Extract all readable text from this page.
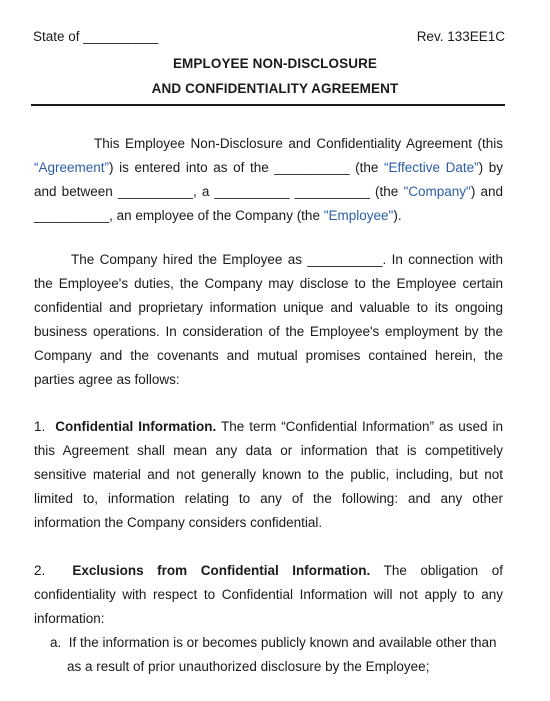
State of __________	Rev. 133EE1C
EMPLOYEE NON-DISCLOSURE
AND CONFIDENTIALITY AGREEMENT

This Employee Non-Disclosure and Confidentiality Agreement (this “Agreement”) is entered into as of the __________ (the “Effective Date”) by and between __________, a __________ __________ (the "Company") and __________, an employee of the Company (the "Employee").

The Company hired the Employee as __________. In connection with the Employee's duties, the Company may disclose to the Employee certain confidential and proprietary information unique and valuable to its ongoing business operations. In consideration of the Employee's employment by the Company and the covenants and mutual promises contained herein, the parties agree as follows:

1. Confidential Information. The term “Confidential Information” as used in this Agreement shall mean any data or information that is competitively sensitive material and not generally known to the public, including, but not limited to, information relating to any of the following: and any other information the Company considers confidential.

2. Exclusions from Confidential Information. The obligation of confidentiality with respect to Confidential Information will not apply to any information:

a. If the information is or becomes publicly known and available other than
as a result of prior unauthorized disclosure by the Employee;
